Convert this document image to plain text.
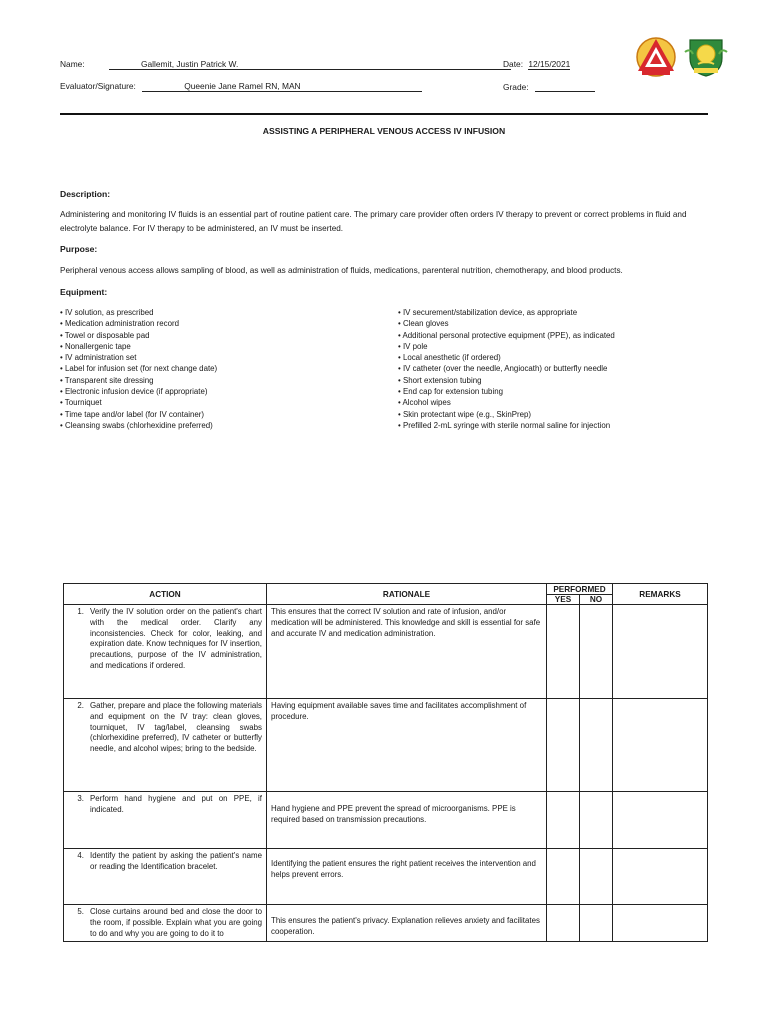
Name:	Gallemit, Justin Patrick W.	Date: 12/15/2021
Evaluator/Signature:	Queenie Jane Ramel RN, MAN	Grade:
ASSISTING A PERIPHERAL VENOUS ACCESS IV INFUSION
Description:
Administering and monitoring IV fluids is an essential part of routine patient care. The primary care provider often orders IV therapy to prevent or correct problems in fluid and electrolyte balance. For IV therapy to be administered, an IV must be inserted.
Purpose:
Peripheral venous access allows sampling of blood, as well as administration of fluids, medications, parenteral nutrition, chemotherapy, and blood products.
Equipment:
• IV solution, as prescribed
• Medication administration record
• Towel or disposable pad
• Nonallergenic tape
• IV administration set
• Label for infusion set (for next change date)
• Transparent site dressing
• Electronic infusion device (if appropriate)
• Tourniquet
• Time tape and/or label (for IV container)
• Cleansing swabs (chlorhexidine preferred)
• IV securement/stabilization device, as appropriate
• Clean gloves
• Additional personal protective equipment (PPE), as indicated
• IV pole
• Local anesthetic (if ordered)
• IV catheter (over the needle, Angiocath) or butterfly needle
• Short extension tubing
• End cap for extension tubing
• Alcohol wipes
• Skin protectant wipe (e.g., SkinPrep)
• Prefilled 2-mL syringe with sterile normal saline for injection
ACTION	RATIONALE	PERFORMED		REMARKS
		YES	NO	

1. Verify the IV solution order on the patient's chart with the medical order. Clarify any inconsistencies. Check for color, leaking, and expiration date. Know techniques for IV insertion, precautions, purpose of the IV administration, and medications if ordered.	This ensures that the correct IV solution and rate of infusion, and/or medication will be administered. This knowledge and skill is essential for safe and accurate IV and medication administration.			

2. Gather, prepare and place the following materials and equipment on the IV tray: clean gloves, tourniquet, IV tag/label, cleansing swabs (chlorhexidine preferred), IV catheter or butterfly needle, and alcohol wipes; bring to the bedside.	Having equipment available saves time and facilitates accomplishment of procedure.			

3. Perform hand hygiene and put on PPE, if indicated.	Hand hygiene and PPE prevent the spread of microorganisms. PPE is required based on transmission precautions.			

4. Identify the patient by asking the patient's name or reading the Identification bracelet.	Identifying the patient ensures the right patient receives the intervention and helps prevent errors.			

5. Close curtains around bed and close the door to the room, if possible. Explain what you are going to do and why you are going to do it to	This ensures the patient's privacy. Explanation relieves anxiety and facilitates cooperation.			
